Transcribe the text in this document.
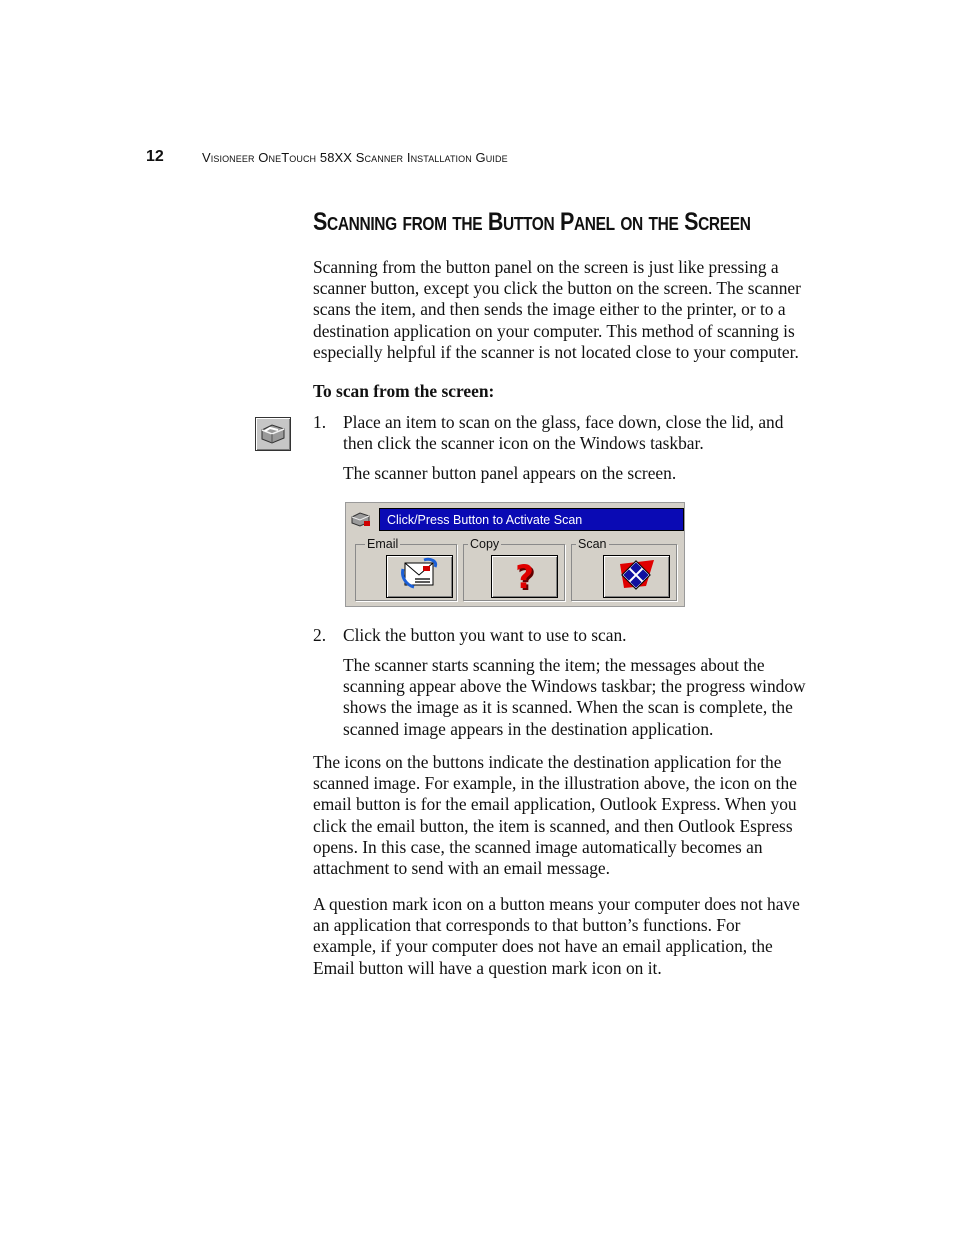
12	Visioneer OneTouch 58XX Scanner Installation Guide
Scanning from the Button Panel on the Screen

Scanning from the button panel on the screen is just like pressing a scanner button, except you click the button on the screen. The scanner scans the item, and then sends the image either to the printer, or to a destination application on your computer. This method of scanning is especially helpful if the scanner is not located close to your computer.

To scan from the screen:

1. Place an item to scan on the glass, face down, close the lid, and then click the scanner icon on the Windows taskbar.
The scanner button panel appears on the screen.
Click/Press Button to Activate Scan
Email	Copy	Scan
?
2. Click the button you want to use to scan.
The scanner starts scanning the item; the messages about the scanning appear above the Windows taskbar; the progress window shows the image as it is scanned. When the scan is complete, the scanned image appears in the destination application.

The icons on the buttons indicate the destination application for the scanned image. For example, in the illustration above, the icon on the email button is for the email application, Outlook Express. When you click the email button, the item is scanned, and then Outlook Espress opens. In this case, the scanned image automatically becomes an attachment to send with an email message.

A question mark icon on a button means your computer does not have an application that corresponds to that button’s functions. For example, if your computer does not have an email application, the Email button will have a question mark icon on it.
